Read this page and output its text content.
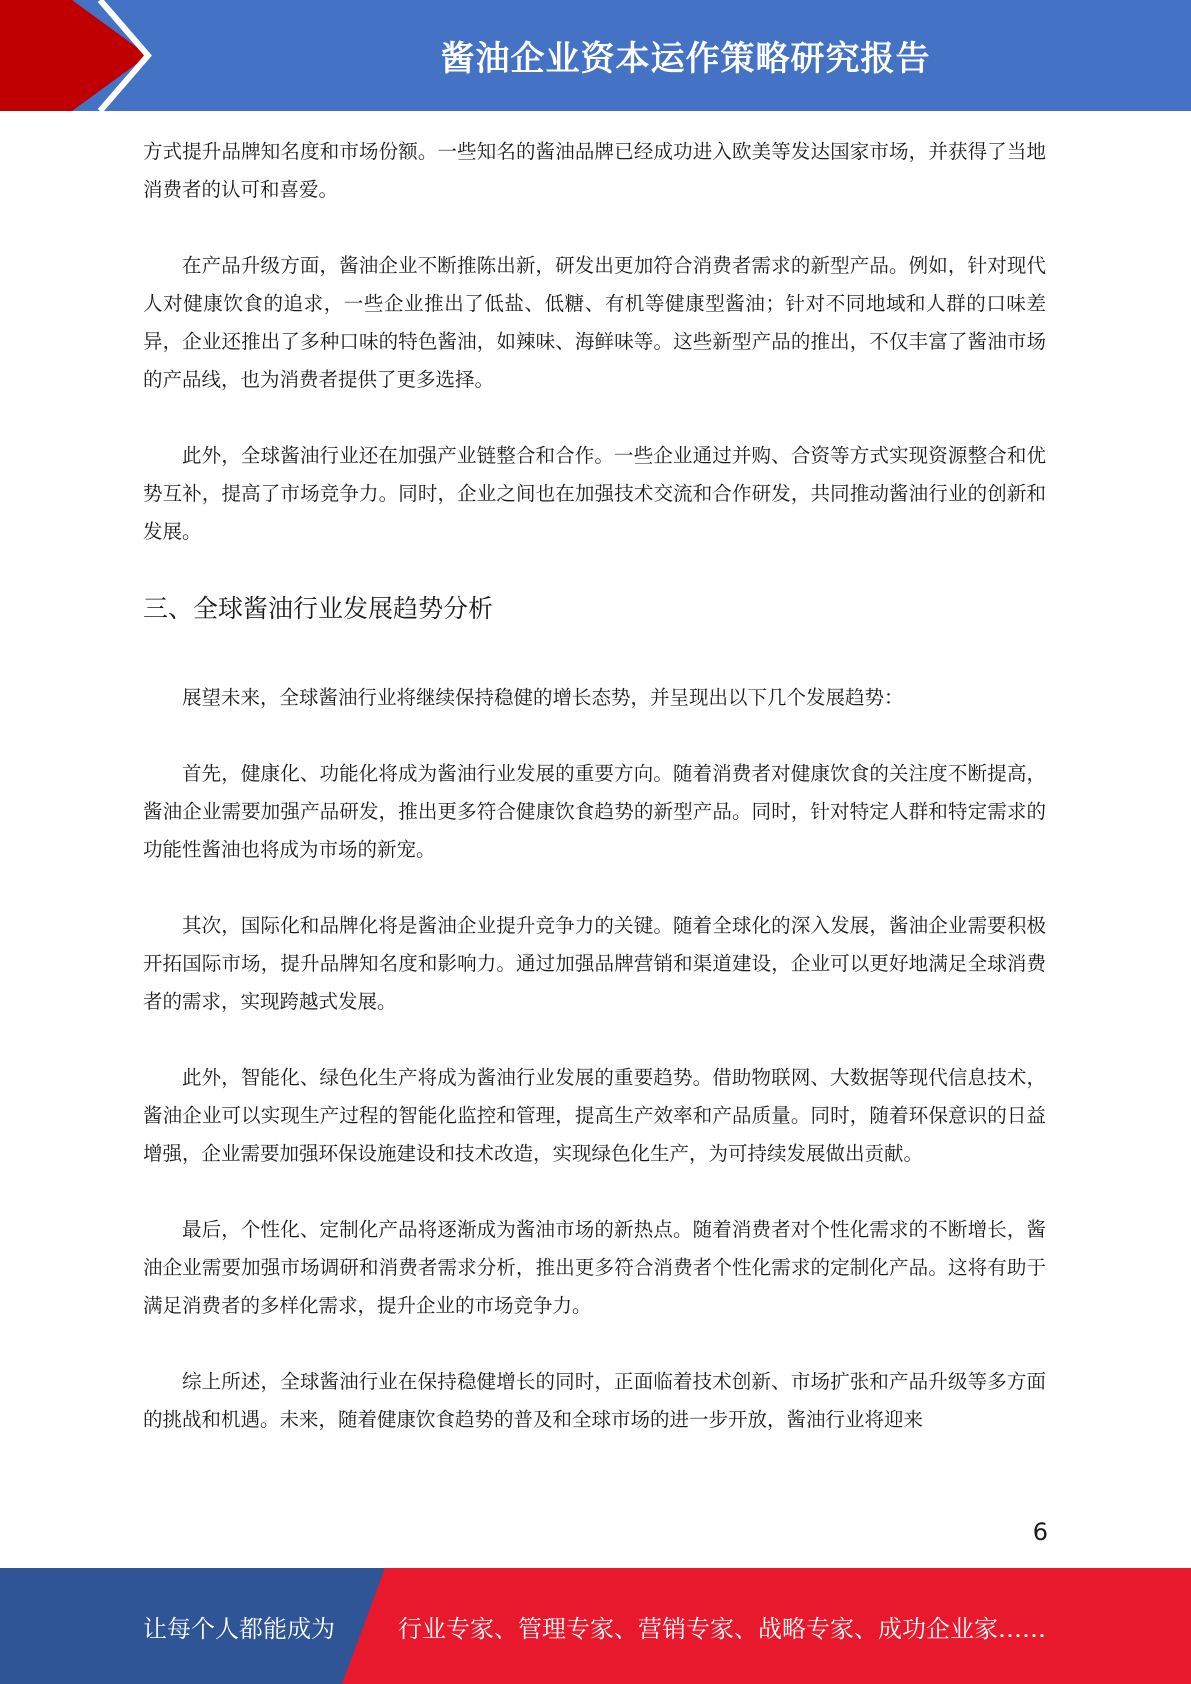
酱油企业资本运作策略研究报告

方式提升品牌知名度和市场份额。一些知名的酱油品牌已经成功进入欧美等发达国家市场，并获得了当地消费者的认可和喜爱。

在产品升级方面，酱油企业不断推陈出新，研发出更加符合消费者需求的新型产品。例如，针对现代人对健康饮食的追求，一些企业推出了低盐、低糖、有机等健康型酱油；针对不同地域和人群的口味差异，企业还推出了多种口味的特色酱油，如辣味、海鲜味等。这些新型产品的推出，不仅丰富了酱油市场的产品线，也为消费者提供了更多选择。

此外，全球酱油行业还在加强产业链整合和合作。一些企业通过并购、合资等方式实现资源整合和优势互补，提高了市场竞争力。同时，企业之间也在加强技术交流和合作研发，共同推动酱油行业的创新和发展。

三、全球酱油行业发展趋势分析

展望未来，全球酱油行业将继续保持稳健的增长态势，并呈现出以下几个发展趋势：

首先，健康化、功能化将成为酱油行业发展的重要方向。随着消费者对健康饮食的关注度不断提高，酱油企业需要加强产品研发，推出更多符合健康饮食趋势的新型产品。同时，针对特定人群和特定需求的功能性酱油也将成为市场的新宠。

其次，国际化和品牌化将是酱油企业提升竞争力的关键。随着全球化的深入发展，酱油企业需要积极开拓国际市场，提升品牌知名度和影响力。通过加强品牌营销和渠道建设，企业可以更好地满足全球消费者的需求，实现跨越式发展。

此外，智能化、绿色化生产将成为酱油行业发展的重要趋势。借助物联网、大数据等现代信息技术，酱油企业可以实现生产过程的智能化监控和管理，提高生产效率和产品质量。同时，随着环保意识的日益增强，企业需要加强环保设施建设和技术改造，实现绿色化生产，为可持续发展做出贡献。

最后，个性化、定制化产品将逐渐成为酱油市场的新热点。随着消费者对个性化需求的不断增长，酱油企业需要加强市场调研和消费者需求分析，推出更多符合消费者个性化需求的定制化产品。这将有助于满足消费者的多样化需求，提升企业的市场竞争力。

综上所述，全球酱油行业在保持稳健增长的同时，正面临着技术创新、市场扩张和产品升级等多方面的挑战和机遇。未来，随着健康饮食趋势的普及和全球市场的进一步开放，酱油行业将迎来

6
让每个人都能成为	行业专家、管理专家、营销专家、战略专家、成功企业家……
